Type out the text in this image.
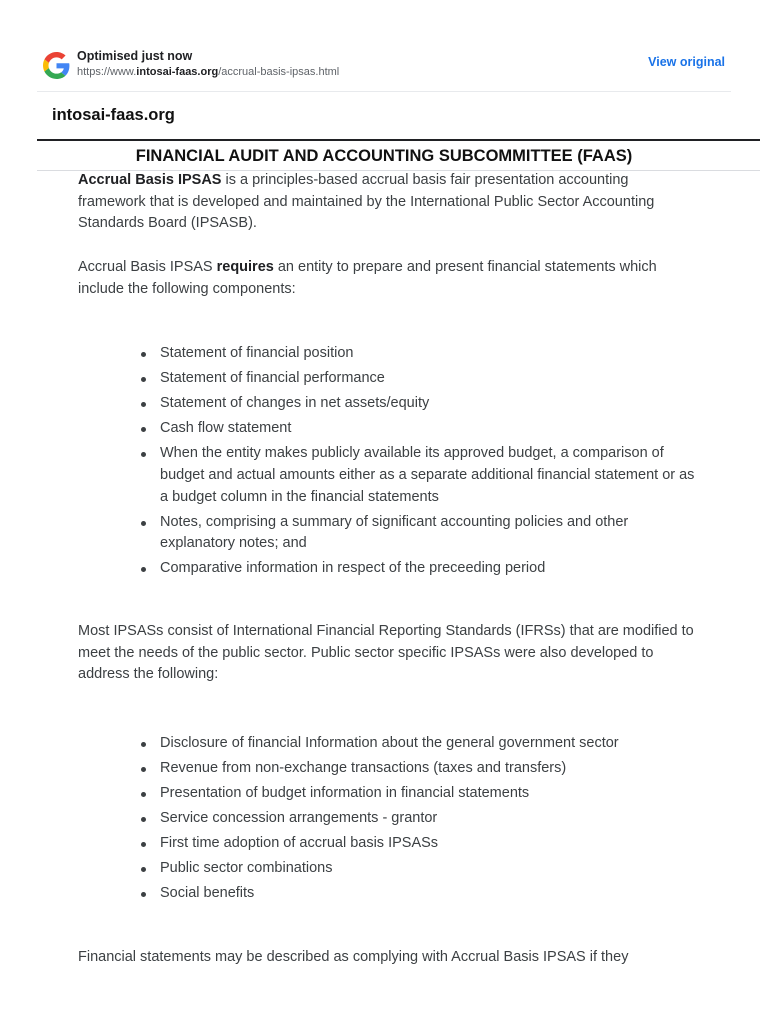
Optimised just now
https://www.intosai-faas.org/accrual-basis-ipsas.html
View original
intosai-faas.org
FINANCIAL AUDIT AND ACCOUNTING SUBCOMMITTEE (FAAS)

Accrual Basis IPSAS is a principles-based accrual basis fair presentation accounting framework that is developed and maintained by the International Public Sector Accounting Standards Board (IPSASB).

Accrual Basis IPSAS requires an entity to prepare and present financial statements which include the following components:

Statement of financial position
Statement of financial performance
Statement of changes in net assets/equity
Cash flow statement
When the entity makes publicly available its approved budget, a comparison of budget and actual amounts either as a separate additional financial statement or as a budget column in the financial statements
Notes, comprising a summary of significant accounting policies and other explanatory notes; and
Comparative information in respect of the preceeding period

Most IPSASs consist of International Financial Reporting Standards (IFRSs) that are modified to meet the needs of the public sector. Public sector specific IPSASs were also developed to address the following:

Disclosure of financial Information about the general government sector
Revenue from non-exchange transactions (taxes and transfers)
Presentation of budget information in financial statements
Service concession arrangements - grantor
First time adoption of accrual basis IPSASs
Public sector combinations
Social benefits

Financial statements may be described as complying with Accrual Basis IPSAS if they
